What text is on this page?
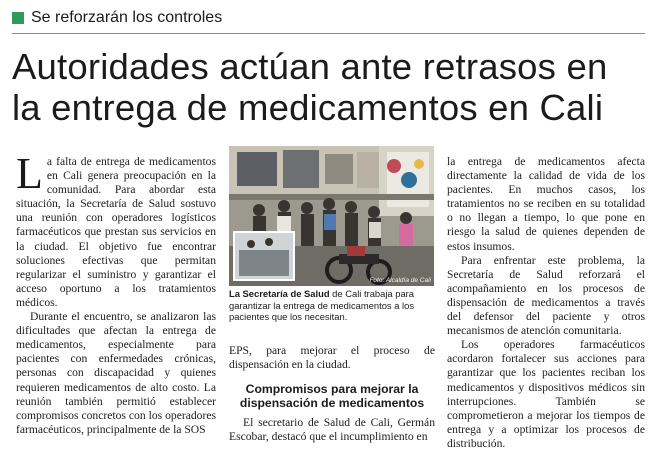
Se reforzarán los controles
Autoridades actúan ante retrasos en
la entrega de medicamentos en Cali

La falta de entrega de medicamentos en Cali genera preocupación en la comunidad. Para abordar esta situación, la Secretaría de Salud sostuvo una reunión con operadores logísticos farmacéuticos que prestan sus servicios en la ciudad. El objetivo fue encontrar soluciones efectivas que permitan regularizar el suministro y garantizar el acceso oportuno a los tratamientos médicos.

Durante el encuentro, se analizaron las dificultades que afectan la entrega de medicamentos, especialmente para pacientes con enfermedades crónicas, personas con discapacidad y quienes requieren medicamentos de alto costo. La reunión también permitió establecer compromisos concretos con los operadores farmacéuticos, principalmente de la SOS

Foto: Alcaldía de Cali
La Secretaría de Salud de Cali trabaja para garantizar la entrega de medicamentos a los pacientes que los necesitan.

EPS, para mejorar el proceso de dispensación en la ciudad.

Compromisos para mejorar la dispensación de medicamentos

El secretario de Salud de Cali, Germán Escobar, destacó que el incumplimiento en

la entrega de medicamentos afecta directamente la calidad de vida de los pacientes. En muchos casos, los tratamientos no se reciben en su totalidad o no llegan a tiempo, lo que pone en riesgo la salud de quienes dependen de estos insumos.

Para enfrentar este problema, la Secretaría de Salud reforzará el acompañamiento en los procesos de dispensación de medicamentos a través del defensor del paciente y otros mecanismos de atención comunitaria.

Los operadores farmacéuticos acordaron fortalecer sus acciones para garantizar que los pacientes reciban los medicamentos y dispositivos médicos sin interrupciones. También se comprometieron a mejorar los tiempos de entrega y a optimizar los procesos de distribución.
